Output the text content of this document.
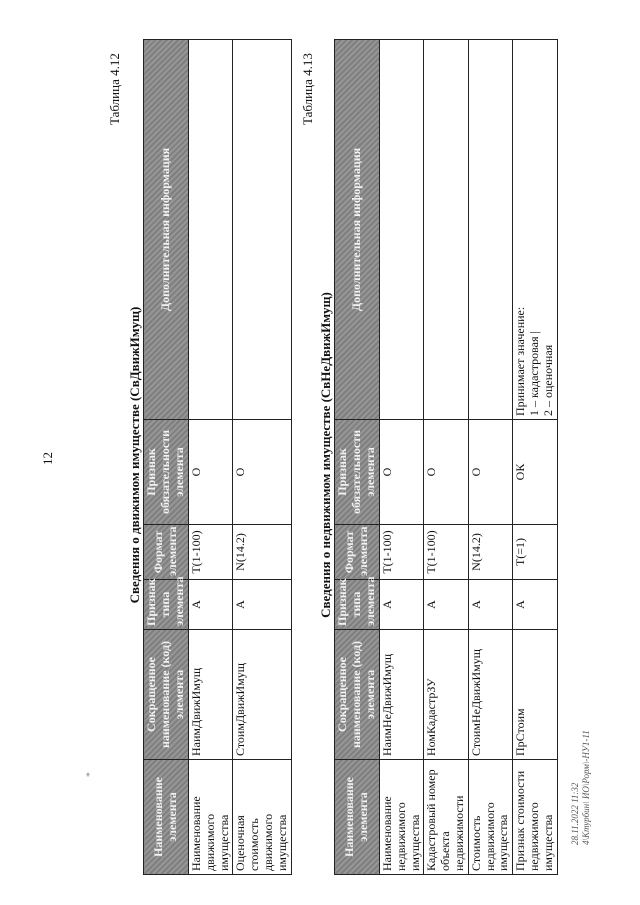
12
Таблица 4.12
Сведения о движимом имуществе (СвДвижИмущ)
Наименование элемента	Сокращенное наименование (код) элемента	Признак типа элемента	Формат элемента	Признак обязательности элемента	Дополнительная информация
Наименование движимого имущества	НаимДвижИмущ	А	Т(1-100)	О	
Оценочная стоимость движимого имущества	СтоимДвижИмущ	А	N(14.2)	О	
Таблица 4.13
Сведения о недвижимом имуществе (СвНеДвижИмущ)
Наименование элемента	Сокращенное наименование (код) элемента	Признак типа элемента	Формат элемента	Признак обязательности элемента	Дополнительная информация
Наименование недвижимого имущества	НаимНеДвижИмущ	А	Т(1-100)	О	
Кадастровый номер объекта недвижимости	НомКадастрЗУ	А	Т(1-100)	О	
Стоимость недвижимого имущества	СтоимНеДвижИмущ	А	N(14.2)	О	
Признак стоимости недвижимого имущества	ПрСтоим	А	Т(=1)	ОК	Принимает значение:
1 – кадастровая |
2 – оценочная
28.11.2022 11:32 4\Ктурбин\ ИО\Рорм\-HУ1-11
*
